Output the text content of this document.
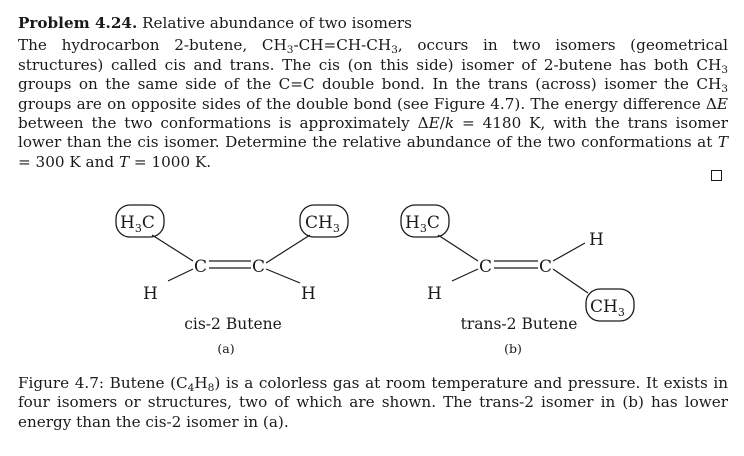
Problem 4.24. Relative abundance of two isomers
The hydrocarbon 2-butene, $CH_3-CH=CH-CH_3$, occurs in two isomers (geometrical structures) called cis and trans. The cis (on this side) isomer of 2-butene has both $CH_3$ groups on the same side of the C=C double bond. In the trans (across) isomer the $CH_3$ groups are on opposite sides of the double bond (see Figure 4.7). The energy difference ΔE between the two conformations is approximately ΔE/k = 4180 K, with the trans isomer lower than the cis isomer. Determine the relative abundance of the two conformations at T = 300 K and T = 1000 K.
$H_3C$	$CH_3$
C	C
H	H
cis-2 Butene
(a)
$H_3C$
C	C
H
H
$CH_3$
trans-2 Butene
(b)
Figure 4.7: Butene $(C_4H_8)$ is a colorless gas at room temperature and pressure. It exists in four isomers or structures, two of which are shown. The trans-2 isomer in (b) has lower energy than the cis-2 isomer in (a).
